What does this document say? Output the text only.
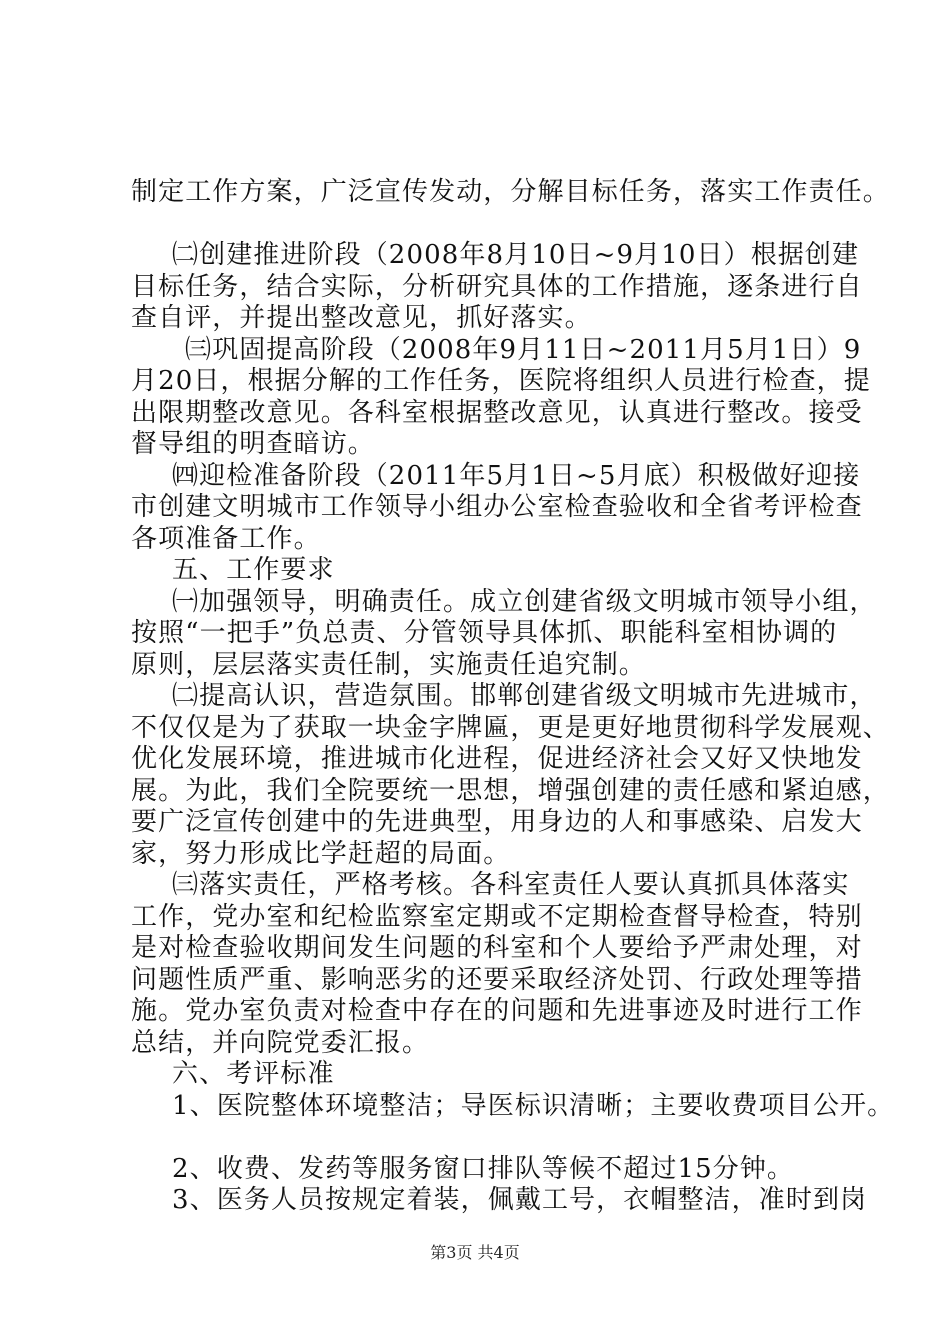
制定工作方案，广泛宣传发动，分解目标任务，落实工作责任。
㈡创建推进阶段（2008年8月10日~9月10日）根据创建
目标任务，结合实际，分析研究具体的工作措施，逐条进行自
查自评，并提出整改意见，抓好落实。
㈢巩固提高阶段（2008年9月11日~2011月5月1日）9
月20日，根据分解的工作任务，医院将组织人员进行检查，提
出限期整改意见。各科室根据整改意见，认真进行整改。接受
督导组的明查暗访。
㈣迎检准备阶段（2011年5月1日~5月底）积极做好迎接
市创建文明城市工作领导小组办公室检查验收和全省考评检查
各项准备工作。
五、工作要求
㈠加强领导，明确责任。成立创建省级文明城市领导小组，
按照“一把手”负总责、分管领导具体抓、职能科室相协调的
原则，层层落实责任制，实施责任追究制。
㈡提高认识，营造氛围。邯郸创建省级文明城市先进城市，
不仅仅是为了获取一块金字牌匾，更是更好地贯彻科学发展观、
优化发展环境，推进城市化进程，促进经济社会又好又快地发
展。为此，我们全院要统一思想，增强创建的责任感和紧迫感，
要广泛宣传创建中的先进典型，用身边的人和事感染、启发大
家，努力形成比学赶超的局面。
㈢落实责任，严格考核。各科室责任人要认真抓具体落实
工作，党办室和纪检监察室定期或不定期检查督导检查，特别
是对检查验收期间发生问题的科室和个人要给予严肃处理，对
问题性质严重、影响恶劣的还要采取经济处罚、行政处理等措
施。党办室负责对检查中存在的问题和先进事迹及时进行工作
总结，并向院党委汇报。
六、考评标准
1、医院整体环境整洁；导医标识清晰；主要收费项目公开。
2、收费、发药等服务窗口排队等候不超过15分钟。
3、医务人员按规定着装，佩戴工号，衣帽整洁，准时到岗
第3页 共4页
